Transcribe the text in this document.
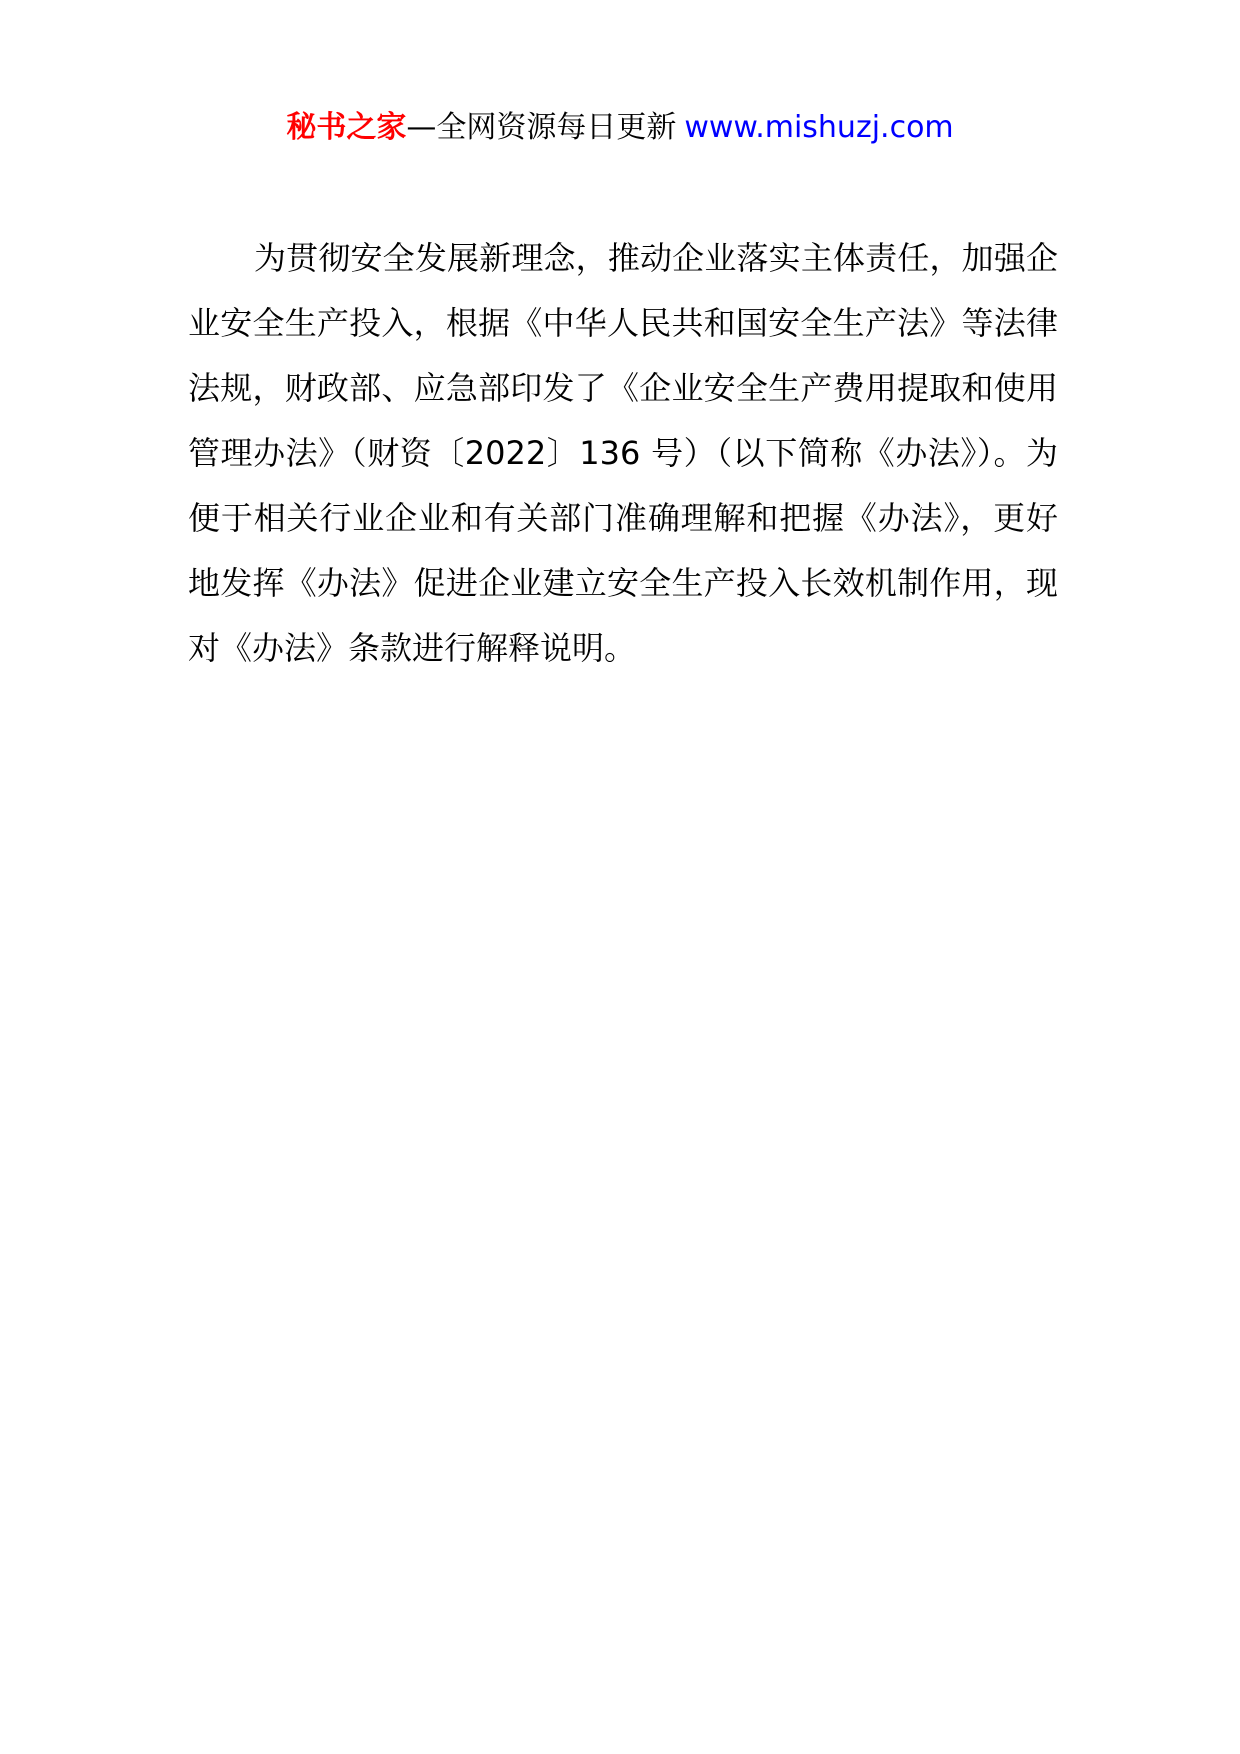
秘书之家—全网资源每日更新 www.mishuzj.com

为贯彻安全发展新理念，推动企业落实主体责任，加强企业安全生产投入，根据《中华人民共和国安全生产法》等法律法规，财政部、应急部印发了《企业安全生产费用提取和使用管理办法》（财资〔2022〕136 号）（以下简称《办法》）。为便于相关行业企业和有关部门准确理解和把握《办法》，更好地发挥《办法》促进企业建立安全生产投入长效机制作用，现对《办法》条款进行解释说明。
